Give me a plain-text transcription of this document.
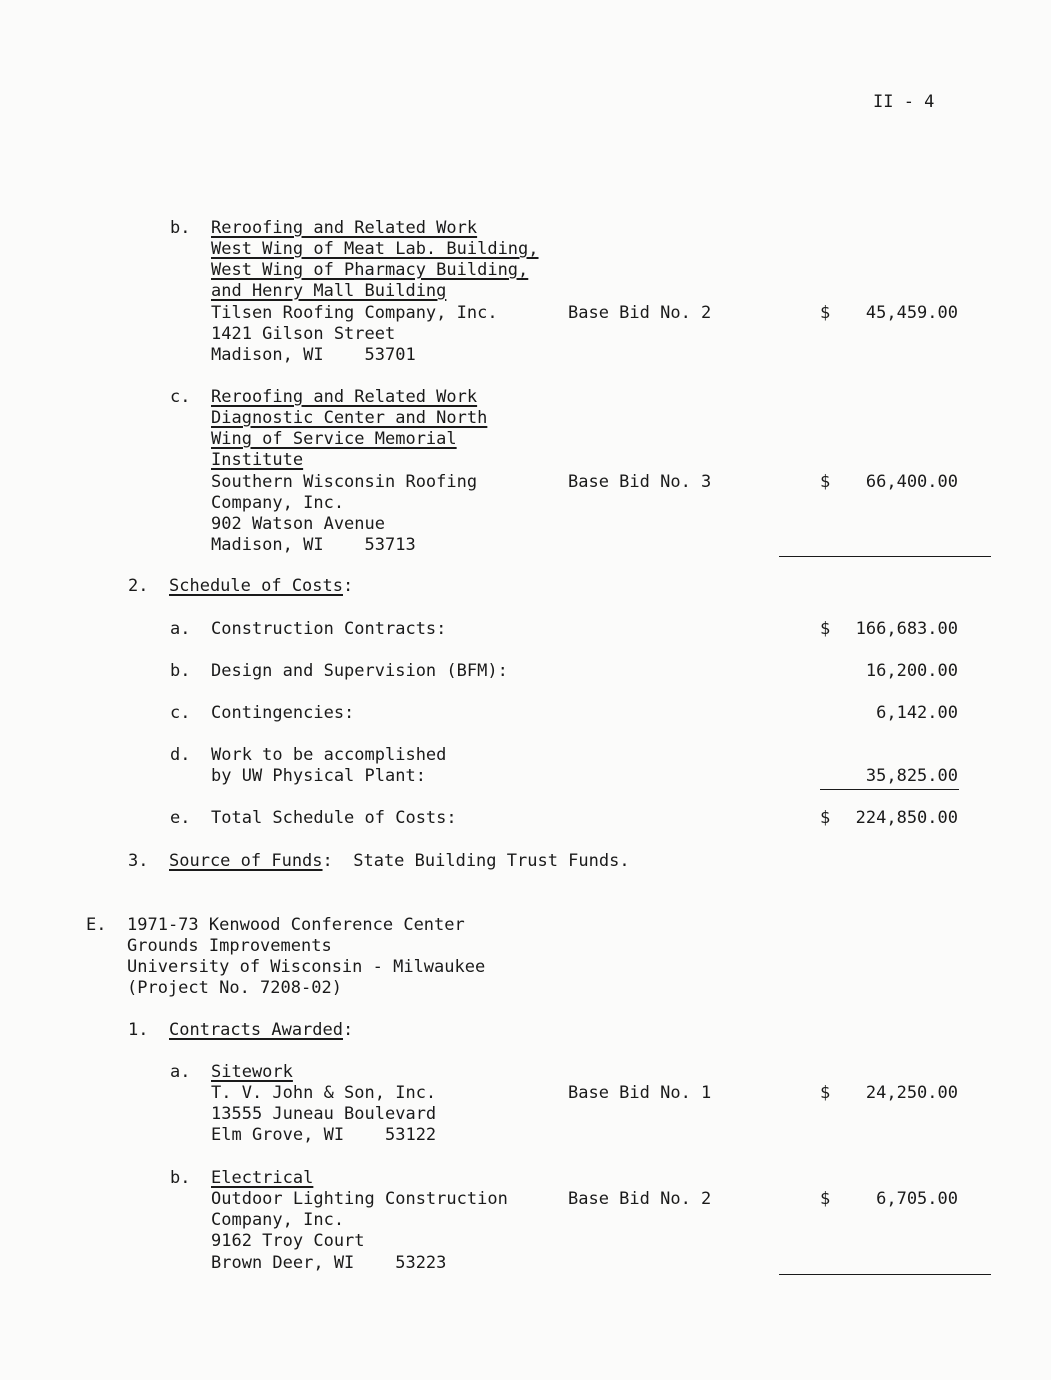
II - 4
b. Reroofing and Related Work
West Wing of Meat Lab. Building,
West Wing of Pharmacy Building,
and Henry Mall Building
Tilsen Roofing Company, Inc.
1421 Gilson Street
Madison, WI    53701
Base Bid No. 2	$	45,459.00
c. Reroofing and Related Work
Diagnostic Center and North
Wing of Service Memorial
Institute
Southern Wisconsin Roofing
Company, Inc.
902 Watson Avenue
Madison, WI    53713
Base Bid No. 3	$	66,400.00
2. Schedule of Costs:
a. Construction Contracts:	$	166,683.00
b. Design and Supervision (BFM):	16,200.00
c. Contingencies:	6,142.00
d. Work to be accomplished
by UW Physical Plant:	35,825.00
e. Total Schedule of Costs:	$	224,850.00
3. Source of Funds:  State Building Trust Funds.
E. 1971-73 Kenwood Conference Center
Grounds Improvements
University of Wisconsin - Milwaukee
(Project No. 7208-02)
1. Contracts Awarded:
a. Sitework
T. V. John & Son, Inc.
13555 Juneau Boulevard
Elm Grove, WI    53122
Base Bid No. 1	$	24,250.00
b. Electrical
Outdoor Lighting Construction
Company, Inc.
9162 Troy Court
Brown Deer, WI    53223
Base Bid No. 2	$	6,705.00
